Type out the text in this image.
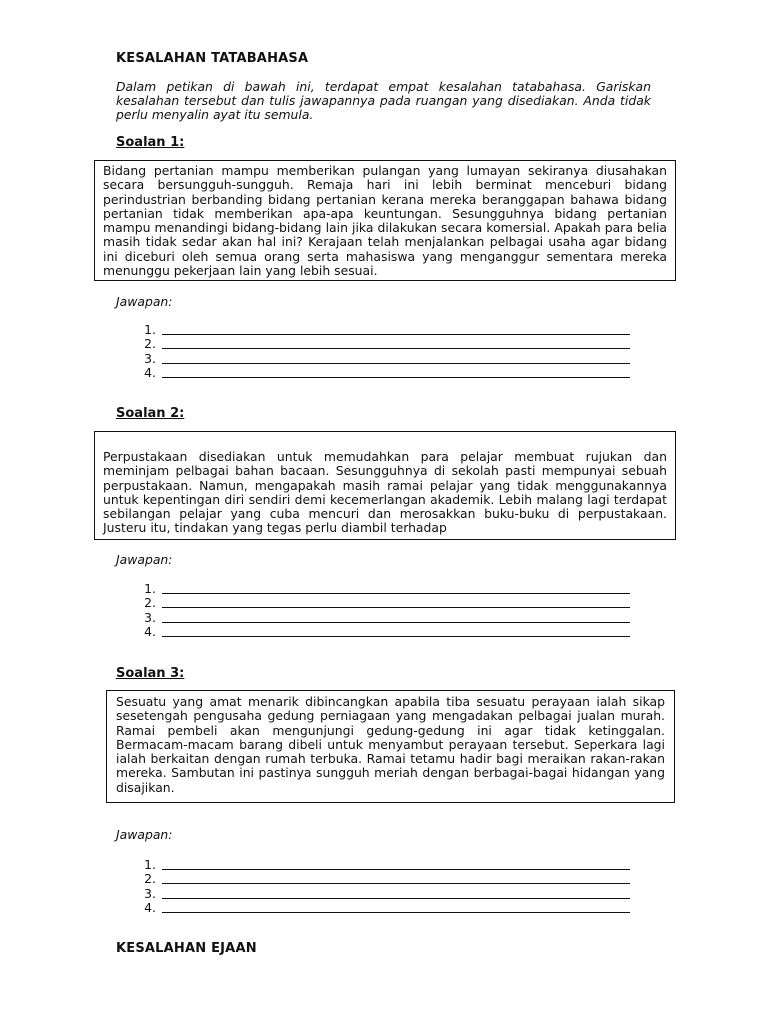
KESALAHAN TATABAHASA
Dalam petikan di bawah ini, terdapat empat kesalahan tatabahasa. Gariskan kesalahan tersebut dan tulis jawapannya pada ruangan yang disediakan. Anda tidak perlu menyalin ayat itu semula.
Soalan 1:

Bidang pertanian mampu memberikan pulangan yang lumayan sekiranya diusahakan secara bersungguh-sungguh. Remaja hari ini lebih berminat menceburi bidang perindustrian berbanding bidang pertanian kerana mereka beranggapan bahawa bidang pertanian tidak memberikan apa-apa keuntungan. Sesungguhnya bidang pertanian mampu menandingi bidang-bidang lain jika dilakukan secara komersial. Apakah para belia masih tidak sedar akan hal ini? Kerajaan telah menjalankan pelbagai usaha agar bidang ini diceburi oleh semua orang serta mahasiswa yang menganggur sementara mereka menunggu pekerjaan lain yang lebih sesuai.

Jawapan:
1.
2.
3.
4.
Soalan 2:

Perpustakaan disediakan untuk memudahkan para pelajar membuat rujukan dan meminjam pelbagai bahan bacaan. Sesungguhnya di sekolah pasti mempunyai sebuah perpustakaan. Namun, mengapakah masih ramai pelajar yang tidak menggunakannya untuk kepentingan diri sendiri demi kecemerlangan akademik. Lebih malang lagi terdapat sebilangan pelajar yang cuba mencuri dan merosakkan buku-buku di perpustakaan. Justeru itu, tindakan yang tegas perlu diambil terhadap

Jawapan:
1.
2.
3.
4.
Soalan 3:

Sesuatu yang amat menarik dibincangkan apabila tiba sesuatu perayaan ialah sikap sesetengah pengusaha gedung perniagaan yang mengadakan pelbagai jualan murah. Ramai pembeli akan mengunjungi gedung-gedung ini agar tidak ketinggalan. Bermacam-macam barang dibeli untuk menyambut perayaan tersebut. Seperkara lagi ialah berkaitan dengan rumah terbuka. Ramai tetamu hadir bagi meraikan rakan-rakan mereka. Sambutan ini pastinya sungguh meriah dengan berbagai-bagai hidangan yang disajikan.

Jawapan:
1.
2.
3.
4.
KESALAHAN EJAAN
